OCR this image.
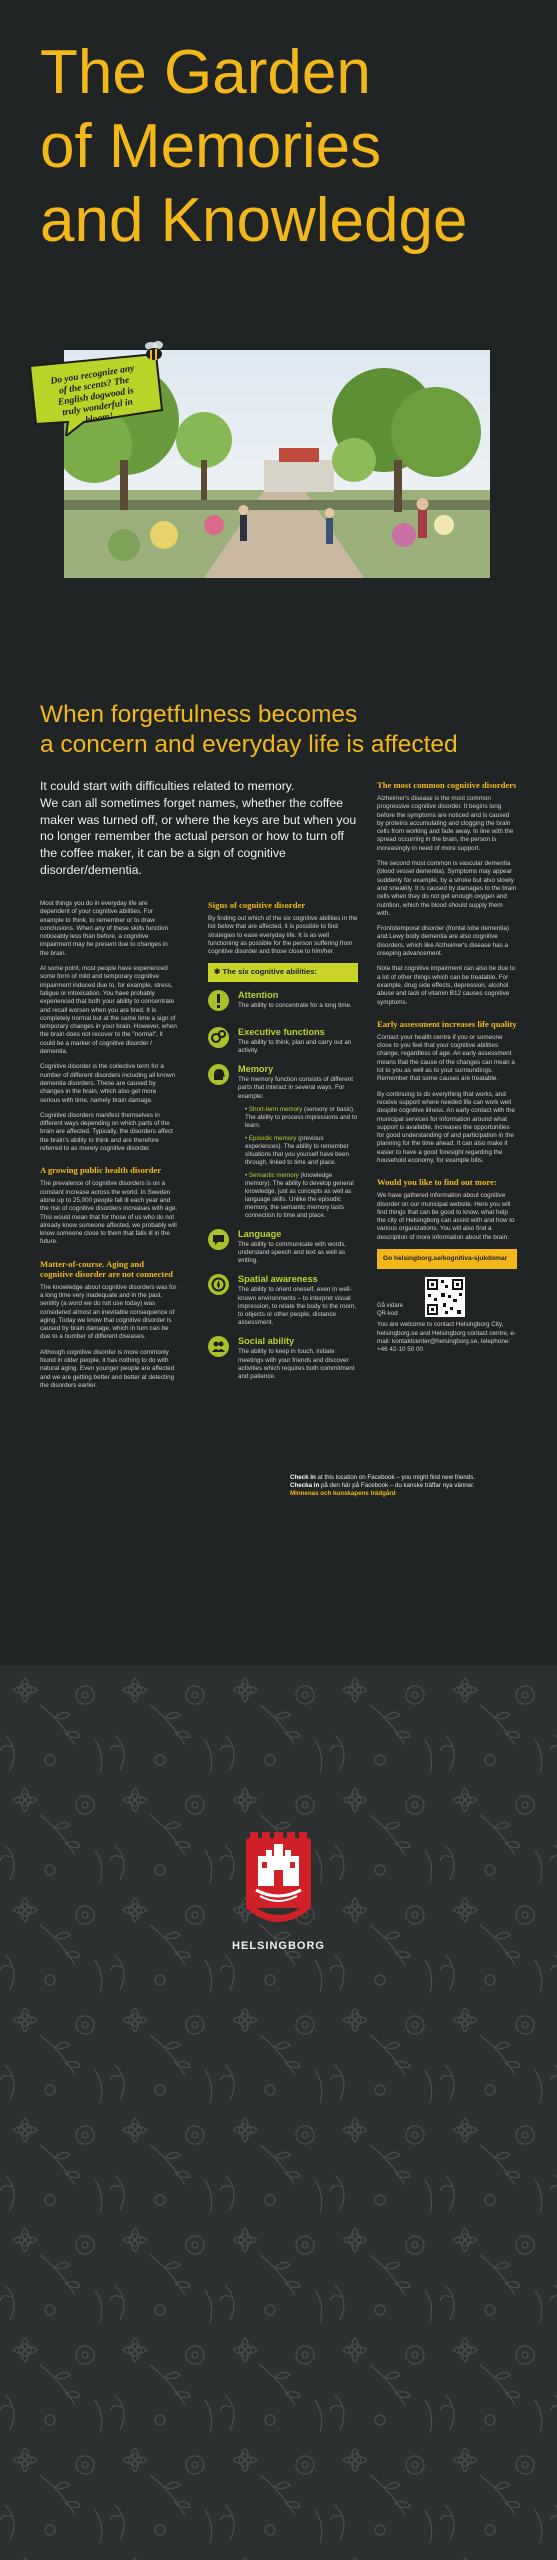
The Garden
of Memories
and Knowledge
Do you recognize any of the scents? The English dogwood is truly wonderful in bloom!
When forgetfulness becomes
a concern and everyday life is affected

It could start with difficulties related to memory.

We can all sometimes forget names, whether the coffee maker was turned off, or where the keys are but when you no longer remember the actual person or how to turn off the coffee maker, it can be a sign of cognitive disorder/dementia.

Most things you do in everyday life are dependent of your cognitive abilities. For example to think, to remember or to draw conclusions. When any of these skills function noticeably less than before, a cognitive impairment may be present due to changes in the brain.

At some point, most people have experienced some form of mild and temporary cognitive impairment induced due to, for example, stress, fatigue or intoxication. You have probably experienced that both your ability to concentrate and recall worsen when you are tired. It is completely normal but at the same time a sign of temporary changes in your brain. However, when the brain does not recover to the "normal", it could be a marker of cognitive disorder / dementia.

Cognitive disorder is the collective term for a number of different disorders including all known dementia disorders. These are caused by changes in the brain, which also get more serious with time, namely brain damage.

Cognitive disorders manifest themselves in different ways depending on which parts of the brain are affected. Typically, the disorders affect the brain's ability to think and are therefore referred to as merely cognitive disorder.

A growing public health disorder

The prevalence of cognitive disorders is on a constant increase across the world. In Sweden alone up to 25,000 people fall ill each year and the risk of cognitive disorders increases with age. This would mean that for those of us who do not already know someone affected, we probably will know someone close to them that falls ill in the future.

Matter-of-course. Aging and cognitive disorder are not connected

The knowledge about cognitive disorders was for a long time very inadequate and in the past, senility (a word we do not use today) was considered almost an inevitable consequence of aging. Today we know that cognitive disorder is caused by brain damage, which in turn can be due to a number of different diseases.

Although cognitive disorder is more commonly found in older people, it has nothing to do with natural aging. Even younger people are affected and we are getting better and better at detecting the disorders earlier.

Signs of cognitive disorder

By finding out which of the six cognitive abilities in the list below that are affected, it is possible to find strategies to ease everyday life. It is as well functioning as possible for the person suffering from cognitive disorder and those close to him/her.

✱ The six cognitive abilities:
Attention
The ability to concentrate for a long time.
Executive functions
The ability to think, plan and carry out an activity.
Memory
The memory function consists of different parts that interact in several ways. For example:
• Short-term memory (sensory or basic). The ability to process impressions and to learn.
• Episodic memory (previous experiences). The ability to remember situations that you yourself have been through, linked to time and place.
• Semantic memory (knowledge memory). The ability to develop general knowledge, just as concepts as well as language skills. Unlike the episodic memory, the semantic memory lasts connection to time and place.
Language
The ability to communicate with words, understand speech and text as well as writing.
Spatial awareness
The ability to orient oneself, even in well-known environments – to interpret visual impression, to relate the body to the room, to objects or other people, distance assessment.
Social ability
The ability to keep in touch, initiate meetings with your friends and discover activities which requires both commitment and patience.
The most common cognitive disorders

Alzheimer's disease is the most common progressive cognitive disorder. It begins long before the symptoms are noticed and is caused by proteins accumulating and clogging the brain cells from working and fade away. In line with the spread occurring in the brain, the person is increasingly in need of more support.

The second most common is vascular dementia (blood vessel dementia). Symptoms may appear suddenly for example, by a stroke but also slowly and sneakily. It is caused by damages to the brain cells when they do not get enough oxygen and nutrition, which the blood should supply them with.

Frontotemporal disorder (frontal lobe dementia) and Lewy body dementia are also cognitive disorders, which like Alzheimer's disease has a creeping advancement.

Note that cognitive impairment can also be due to a lot of other things which can be treatable. For example, drug side effects, depression, alcohol abuse and lack of vitamin B12 causes cognitive symptoms.

Early assessment increases life quality

Contact your health centre if you or someone close to you feel that your cognitive abilities change, regardless of age. An early assessment means that the cause of the changes can mean a lot to you as well as to your surroundings. Remember that some causes are treatable.

By continuing to do everything that works, and receive support where needed life can work well despite cognitive illness. An early contact with the municipal services for information around what support is available, increases the opportunities for good understanding of and participation in the planning for the time ahead. It can also make it easier to have a good foresight regarding the household economy, for example bills.

Would you like to find out more:

We have gathered information about cognitive disorder on our municipal website. Here you will find things that can be good to know, what help the city of Helsingborg can assist with and how to various organizations. You will also find a description of more information about the brain.

Go helsingborg.se/kognitiva-sjukdomar
Gå vidare
QR-kod

You are welcome to contact Helsingborg City, helsingborg.se and Helsingborg contact centre, e-mail: kontaktcenter@helsingborg.se, telephone: +46 42-10 50 00

Check in at this location on Facebook – you might find new friends.
Checka in på den här på Facebook – du kanske träffar nya vänner.
Minnenas och kunskapens trädgård
HELSINGBORG
